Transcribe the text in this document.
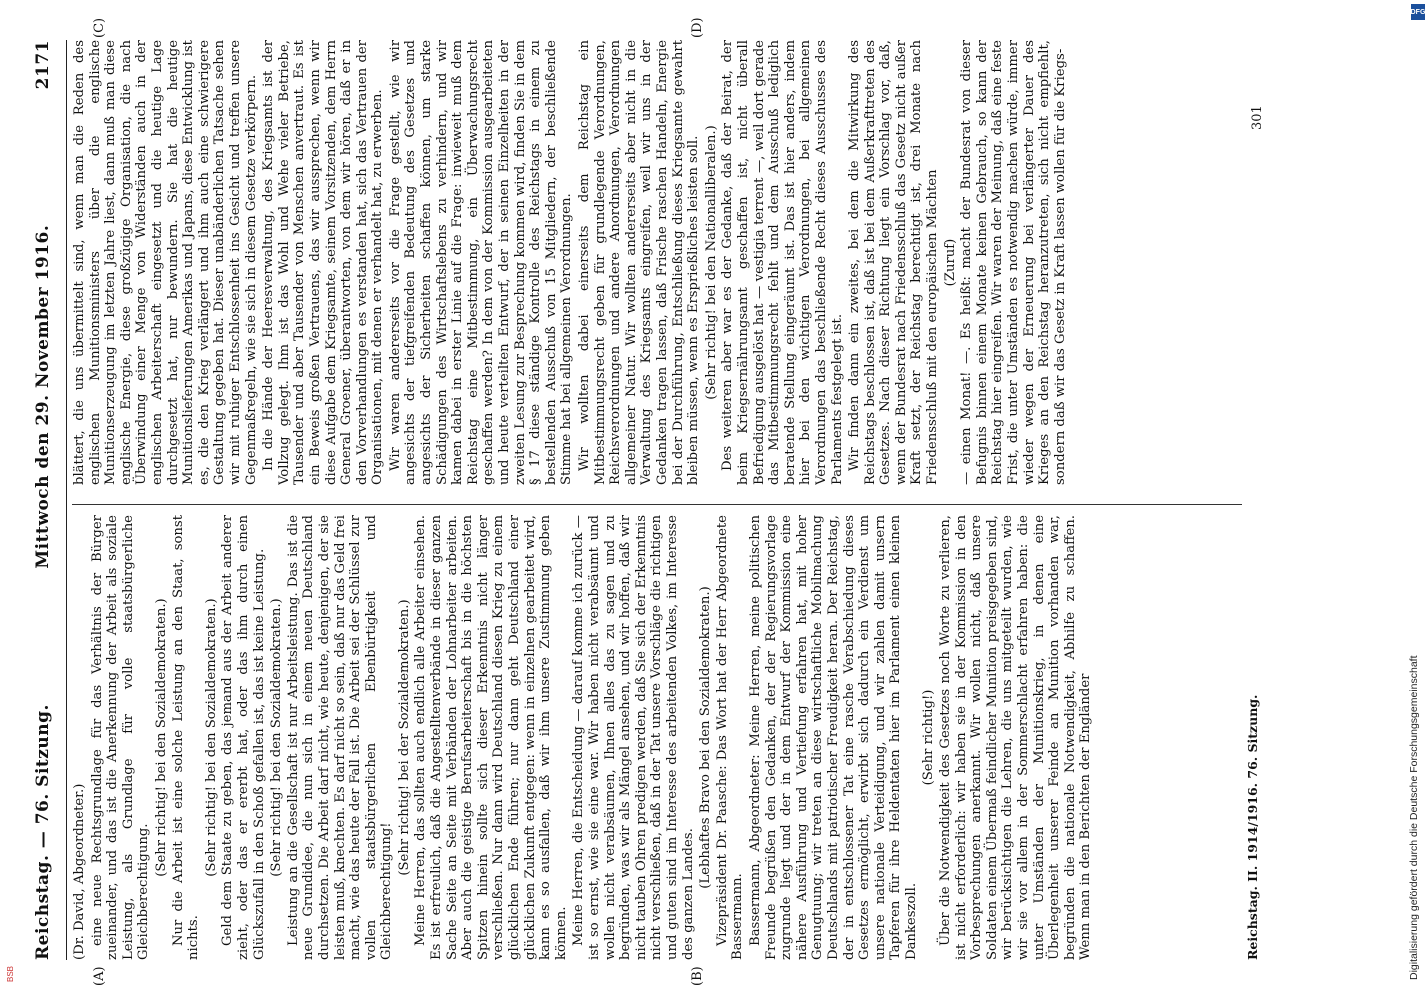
Reichstag. — 76. Sitzung.
Mittwoch den 29. November 1916.
2171
(A)	(B)
(C)	(D)

(Dr. David, Abgeordneter.) eine neue Rechtsgrundlage für das Verhältnis der Bürger zueinander, und das ist die Anerkennung der Arbeit als soziale Leistung, als Grundlage für volle staatsbürgerliche Gleichberechtigung.

(Sehr richtig! bei den Sozialdemokraten.) Nur die Arbeit ist eine solche Leistung an den Staat, sonst nichts.

(Sehr richtig! bei den Sozialdemokraten.) Geld dem Staate zu geben, das jemand aus der Arbeit anderer zieht, oder das er ererbt hat, oder das ihm durch einen Glückszufall in den Schoß gefallen ist, das ist keine Leistung. (Sehr richtig! bei den Sozialdemokraten.) Leistung an die Gesellschaft ist nur Arbeitsleistung. Das ist die neue Grundidee, die nun sich in einem neuen Deutschland durchsetzen. Die Arbeit darf nicht, wie heute, denjenigen, der sie leisten muß, knechten. Es darf nicht so sein, daß nur das Geld frei macht, wie das heute der Fall ist. Die Arbeit sei der Schlüssel zur vollen staatsbürgerlichen Ebenbürtigkeit und Gleichberechtigung!

(Sehr richtig! bei der Sozialdemokraten.) Meine Herren, das sollten auch endlich alle Arbeiter einsehen. Es ist erfreulich, daß die Angestelltenverbände in dieser ganzen Sache Seite an Seite mit Verbänden der Lohnarbeiter arbeiten. Aber auch die geistige Berufsarbeiterschaft bis in die höchsten Spitzen hinein sollte sich dieser Erkenntnis nicht länger verschließen. Nur dann wird Deutschland diesen Krieg zu einem glücklichen Ende führen; nur dann geht Deutschland einer glücklichen Zukunft entgegen: wenn in einzelnen gearbeitet wird, kann es so ausfallen, daß wir ihm unsere Zustimmung geben können. Meine Herren, die Entscheidung — darauf komme ich zurück — ist so ernst, wie sie eine war. Wir haben nicht verabsäumt und wollen nicht verabsäumen, Ihnen alles das zu sagen und zu begründen, was wir als Mängel ansehen, und wir hoffen, daß wir nicht tauben Ohren predigen werden, daß Sie sich der Erkenntnis nicht verschließen, daß in der Tat unsere Vorschläge die richtigen und guten sind im Interesse des arbeitenden Volkes, im Interesse des ganzen Landes.

(Lebhaftes Bravo bei den Sozialdemokraten.) Vizepräsident Dr. Paasche: Das Wort hat der Herr Abgeordnete Bassermann. Bassermann, Abgeordneter: Meine Herren, meine politischen Freunde begrüßen den Gedanken, der der Regierungsvorlage zugrunde liegt und der in dem Entwurf der Kommission eine nähere Ausführung und Vertiefung erfahren hat, mit hoher Genugtuung; wir treten an diese wirtschaftliche Mobilmachung Deutschlands mit patriotischer Freudigkeit heran. Der Reichstag, der in entschlossener Tat eine rasche Verabschiedung dieses Gesetzes ermöglicht, erwirbt sich dadurch ein Verdienst um unsere nationale Verteidigung, und wir zahlen damit unsern Tapferen für ihre Heldentaten hier im Parlament einen kleinen Dankeszoll.

(Sehr richtig!) Über die Notwendigkeit des Gesetzes noch Worte zu verlieren, ist nicht erforderlich: wir haben sie in der Kommission in den Vorbesprechungen anerkannt. Wir wollen nicht, daß unsere Soldaten einem Übermaß feindlicher Munition preisgegeben sind, wir berücksichtigen die Lehren, die uns mitgeteilt wurden, wie wir sie vor allem in der Sommerschlacht erfahren haben: die unter Umständen der Munitionskrieg, in denen eine Überlegenheit unserer Feinde an Munition vorhanden war, begründen die nationale Notwendigkeit, Abhilfe zu schaffen. Wenn man in den Berichten der Engländer

blättert, die uns übermittelt sind, wenn man die Reden des englischen Munitionsministers über die englische Munitionserzeugung im letzten Jahre liest, dann muß man diese englische Energie, diese großzügige Organisation, die nach Überwindung einer Menge von Widerständen auch in der englischen Arbeiterschaft eingesetzt und die heutige Lage durchgesetzt hat, nur bewundern. Sie hat die heutige Munitionslieferungen Amerikas und Japans, diese Entwicklung ist es, die den Krieg verlängert und ihm auch eine schwierigere Gestaltung gegeben hat. Dieser unabänderlichen Tatsache sehen wir mit ruhiger Entschlossenheit ins Gesicht und treffen unsere Gegenmaßregeln, wie sie sich in diesem Gesetze verkörpern. In die Hände der Heeresverwaltung, des Kriegsamts ist der Vollzug gelegt. Ihm ist das Wohl und Wehe vieler Betriebe, Tausender und aber Tausender von Menschen anvertraut. Es ist ein Beweis großen Vertrauens, das wir aussprechen, wenn wir diese Aufgabe dem Kriegsamte, seinem Vorsitzenden, dem Herrn General Groener, überantworten, von dem wir hören, daß er in den Vorverhandlungen es verstanden hat, sich das Vertrauen der Organisationen, mit denen er verhandelt hat, zu erwerben. Wir waren andererseits vor die Frage gestellt, wie wir angesichts der tiefgreifenden Bedeutung des Gesetzes und angesichts der Sicherheiten schaffen können, um starke Schädigungen des Wirtschaftslebens zu verhindern, und wir kamen dabei in erster Linie auf die Frage: inwieweit muß dem Reichstag eine Mitbestimmung, ein Überwachungsrecht geschaffen werden? In dem von der Kommission ausgearbeiteten und heute verteilten Entwurf, der in seinen Einzelheiten in der zweiten Lesung zur Besprechung kommen wird, finden Sie in dem § 17 diese ständige Kontrolle des Reichstags in einem zu bestellenden Ausschuß von 15 Mitgliedern, der beschließende Stimme hat bei allgemeinen Verordnungen. Wir wollten dabei einerseits dem Reichstag ein Mitbestimmungsrecht geben für grundlegende Verordnungen, Reichsverordnungen und andere Anordnungen, Verordnungen allgemeiner Natur. Wir wollten andererseits aber nicht in die Verwaltung des Kriegsamts eingreifen, weil wir uns in der Gedanken tragen lassen, daß Frische raschen Handeln, Energie bei der Durchführung, Entschließung dieses Kriegsamte gewahrt bleiben müssen, wenn es Ersprießliches leisten soll. (Sehr richtig! bei den Nationalliberalen.) Des weiteren aber war es der Gedanke, daß der Beirat, der beim Kriegsernährungsamt geschaffen ist, nicht überall Befriedigung ausgelöst hat — vestigia terrent —, weil dort gerade das Mitbestimmungsrecht fehlt und dem Ausschuß lediglich beratende Stellung eingeräumt ist. Das ist hier anders, indem hier bei den wichtigen Verordnungen, bei allgemeinen Verordnungen das beschließende Recht dieses Ausschusses des Parlaments festgelegt ist. Wir finden dann ein zweites, bei dem die Mitwirkung des Reichstags beschlossen ist, daß ist bei dem Außerkrafttreten des Gesetzes. Nach dieser Richtung liegt ein Vorschlag vor, daß, wenn der Bundesrat nach Friedensschluß das Gesetz nicht außer Kraft setzt, der Reichstag berechtigt ist, drei Monate nach Friedensschluß mit den europäischen Mächten (Zuruf) — einen Monat! —. Es heißt: macht der Bundesrat von dieser Befugnis binnen einem Monate keinen Gebrauch, so kann der Reichstag hier eingreifen. Wir waren der Meinung, daß eine feste Frist, die unter Umständen es notwendig machen würde, immer wieder wegen der Erneuerung bei verlängerter Dauer des Krieges an den Reichstag heranzutreten, sich nicht empfiehlt, sondern daß wir das Gesetz in Kraft lassen wollen für die Kriegs-

Reichstag. II. 1914/1916. 76. Sitzung.
301
DFG
Digitalisierung gefördert durch die Deutsche Forschungsgemeinschaft
BSB
